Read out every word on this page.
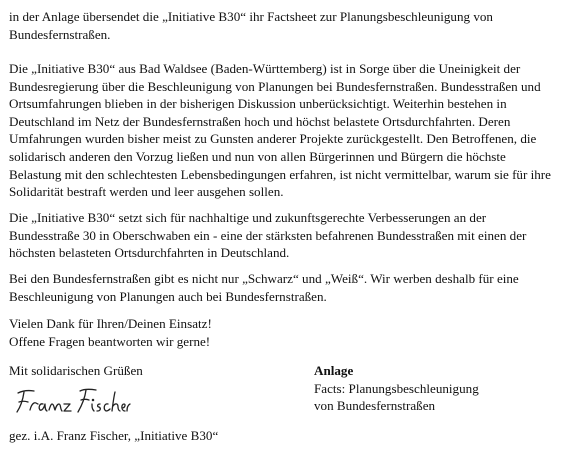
in der Anlage übersendet die „Initiative B30“ ihr Factsheet zur Planungsbeschleunigung von
Bundesfernstraßen.

Die „Initiative B30“ aus Bad Waldsee (Baden-Württemberg) ist in Sorge über die Uneinigkeit der
Bundesregierung über die Beschleunigung von Planungen bei Bundesfernstraßen. Bundesstraßen und
Ortsumfahrungen blieben in der bisherigen Diskussion unberücksichtigt. Weiterhin bestehen in
Deutschland im Netz der Bundesfernstraßen hoch und höchst belastete Ortsdurchfahrten. Deren
Umfahrungen wurden bisher meist zu Gunsten anderer Projekte zurückgestellt. Den Betroffenen, die
solidarisch anderen den Vorzug ließen und nun von allen Bürgerinnen und Bürgern die höchste
Belastung mit den schlechtesten Lebensbedingungen erfahren, ist nicht vermittelbar, warum sie für ihre
Solidarität bestraft werden und leer ausgehen sollen.

Die „Initiative B30“ setzt sich für nachhaltige und zukunftsgerechte Verbesserungen an der
Bundesstraße 30 in Oberschwaben ein - eine der stärksten befahrenen Bundesstraßen mit einen der
höchsten belasteten Ortsdurchfahrten in Deutschland.

Bei den Bundesfernstraßen gibt es nicht nur „Schwarz“ und „Weiß“. Wir werben deshalb für eine
Beschleunigung von Planungen auch bei Bundesfernstraßen.

Vielen Dank für Ihren/Deinen Einsatz!
Offene Fragen beantworten wir gerne!

Mit solidarischen Grüßen	Anlage
Facts: Planungsbeschleunigung
von Bundesfernstraßen

gez. i.A. Franz Fischer, „Initiative B30“
